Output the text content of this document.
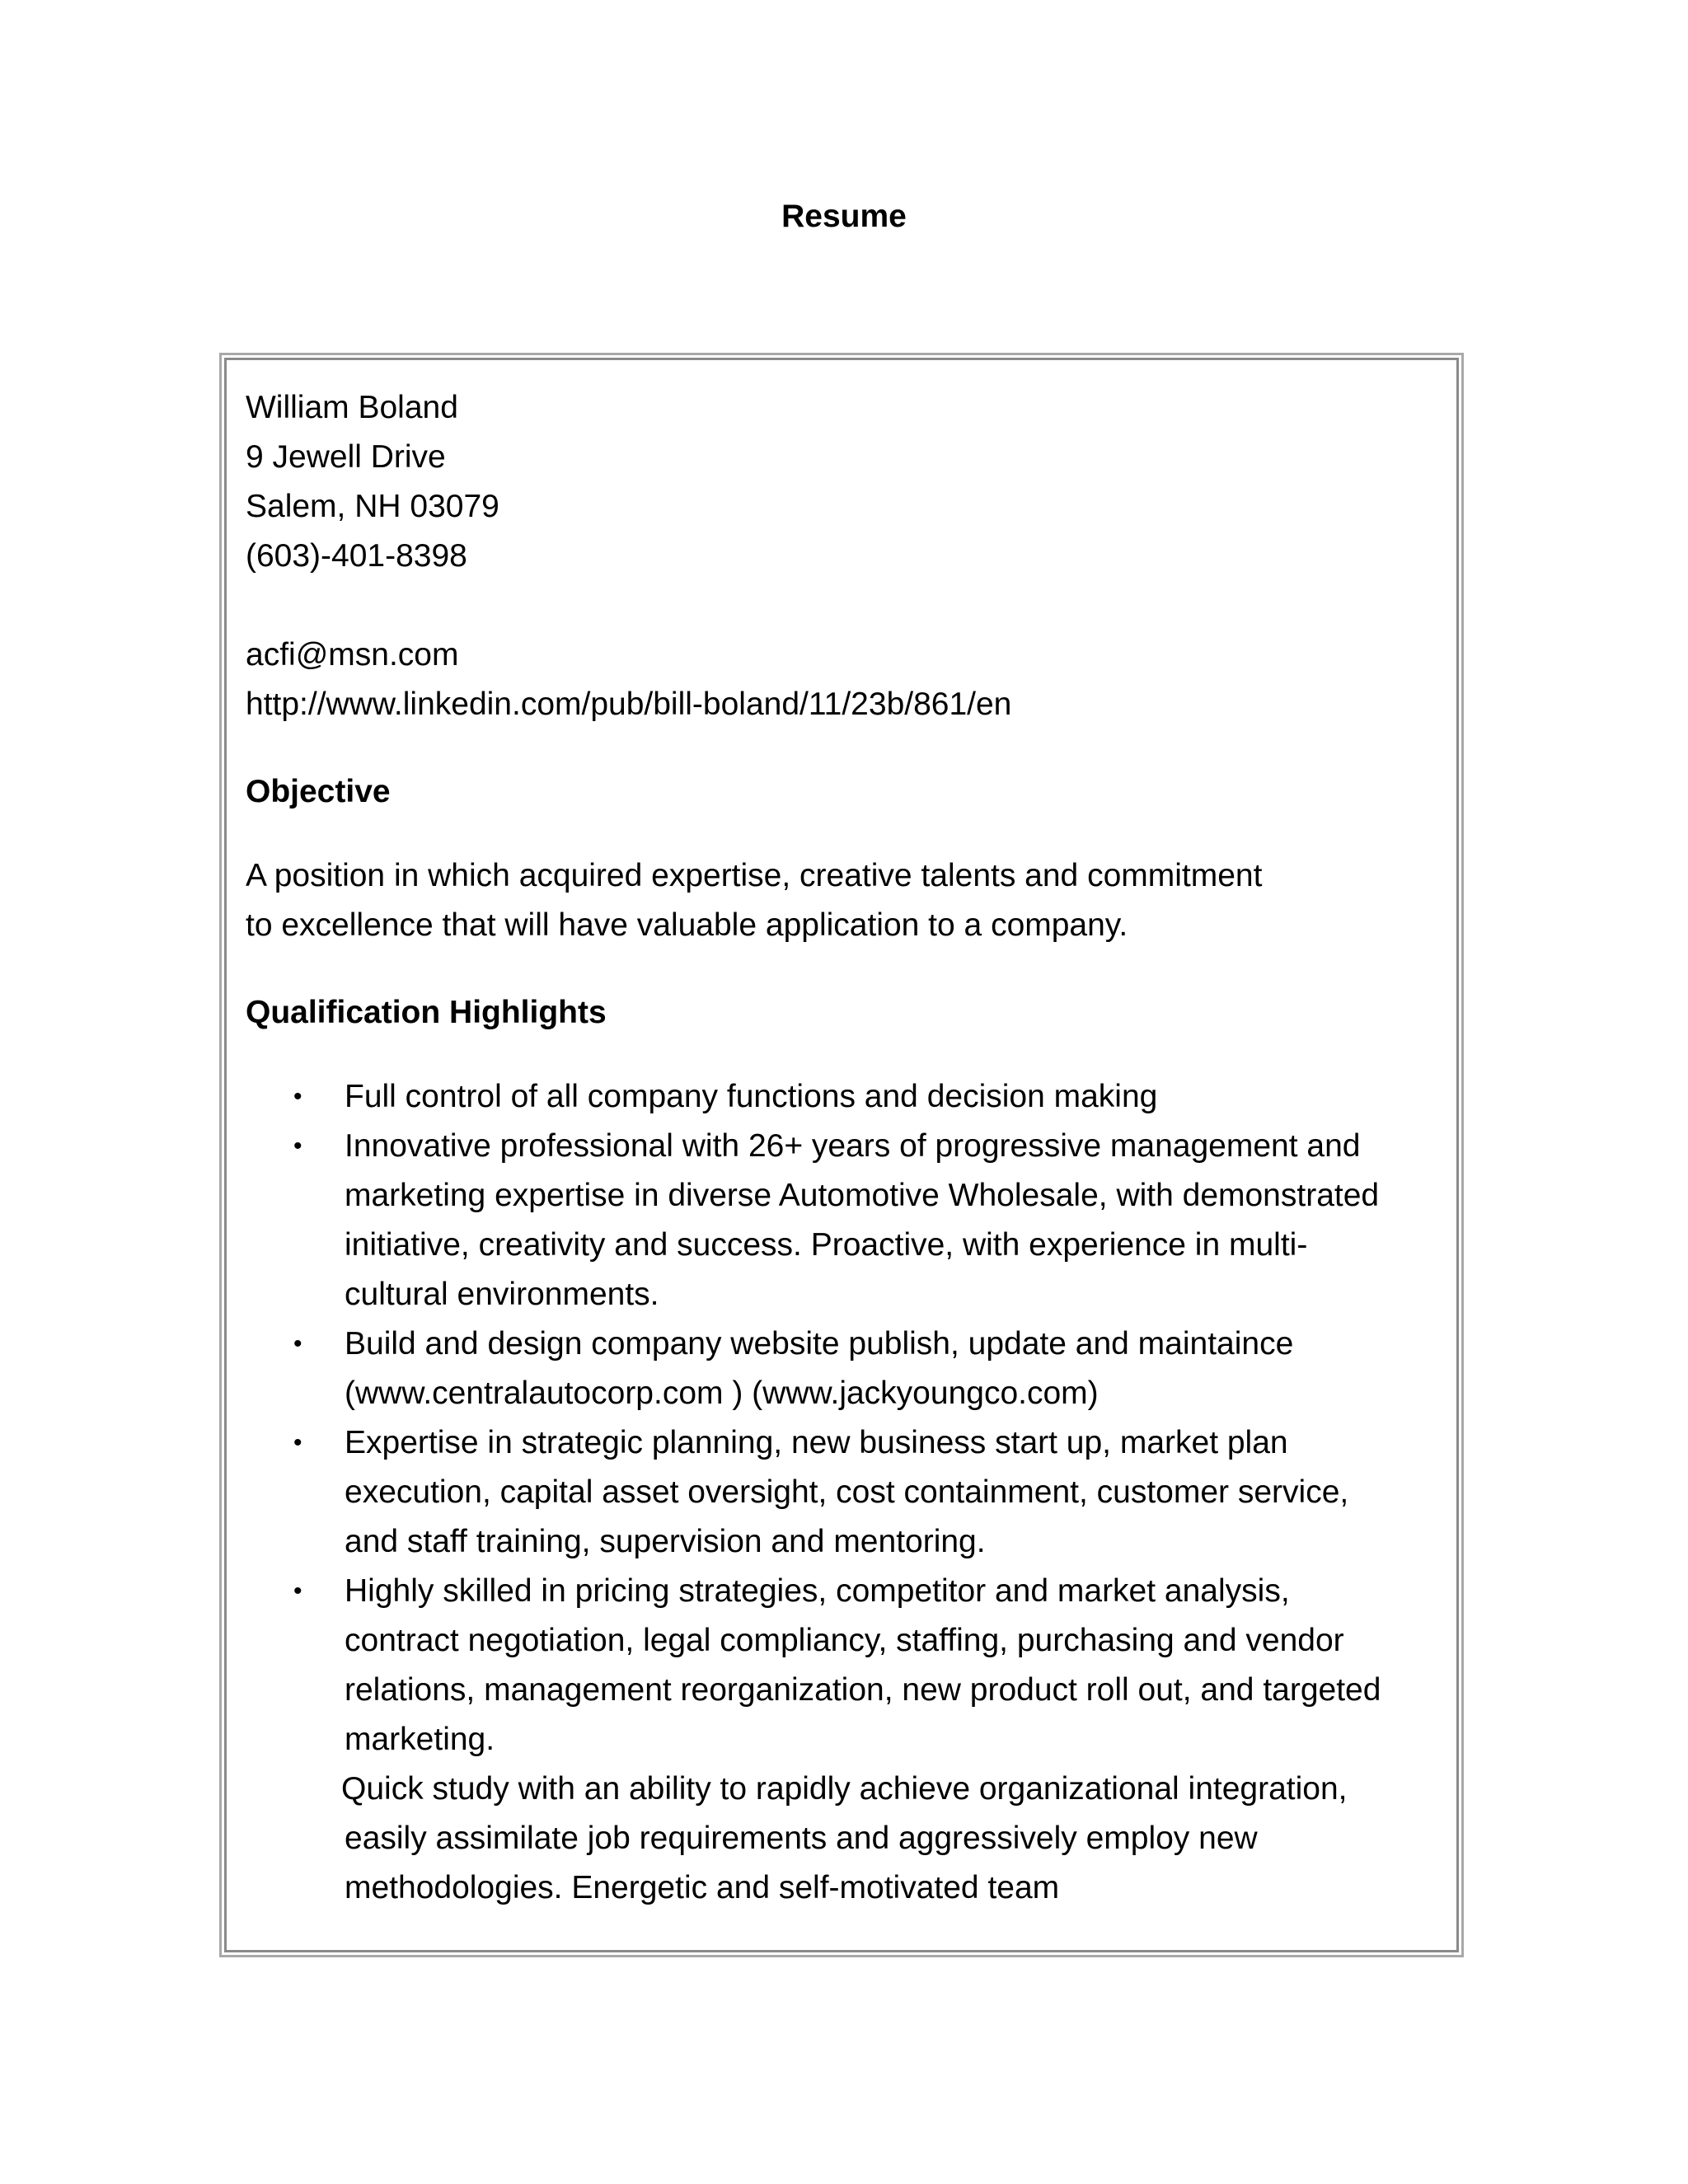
Resume
William Boland
9 Jewell Drive
Salem, NH 03079
(603)-401-8398
acfi@msn.com
http://www.linkedin.com/pub/bill-boland/11/23b/861/en
Objective
A position in which acquired expertise, creative talents and commitment
to excellence that will have valuable application to a company.
Qualification Highlights
• Full control of all company functions and decision making
• Innovative professional with 26+ years of progressive management and
marketing expertise in diverse Automotive Wholesale, with demonstrated
initiative, creativity and success. Proactive, with experience in multi-
cultural environments.
• Build and design company website publish, update and maintaince
(www.centralautocorp.com ) (www.jackyoungco.com)
• Expertise in strategic planning, new business start up, market plan
execution, capital asset oversight, cost containment, customer service,
and staff training, supervision and mentoring.
• Highly skilled in pricing strategies, competitor and market analysis,
contract negotiation, legal compliancy, staffing, purchasing and vendor
relations, management reorganization, new product roll out, and targeted
marketing.
Quick study with an ability to rapidly achieve organizational integration,
easily assimilate job requirements and aggressively employ new
methodologies. Energetic and self-motivated team
